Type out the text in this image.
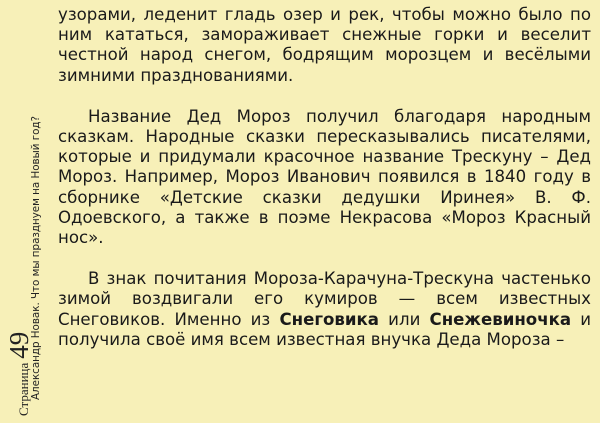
Страница
49
Александр Новак. Что мы празднуем на Новый год?

узорами, леденит гладь озер и рек, чтобы можно было по ним кататься, замораживает снежные горки и веселит честной народ снегом, бодрящим морозцем и весёлыми зимними празднованиями.

Название Дед Мороз получил благодаря народным сказкам. Народные сказки пересказывались писателями, которые и придумали красочное название Трескуну – Дед Мороз. Например, Мороз Иванович появился в 1840 году в сборнике «Детские сказки дедушки Иринея» В. Ф. Одоевского, а также в поэме Некрасова «Мороз Красный нос».

В знак почитания Мороза-Карачуна-Трескуна частенько зимой воздвигали его кумиров — всем известных Снеговиков. Именно из Снеговика или Снежевиночка и получила своё имя всем известная внучка Деда Мороза –
